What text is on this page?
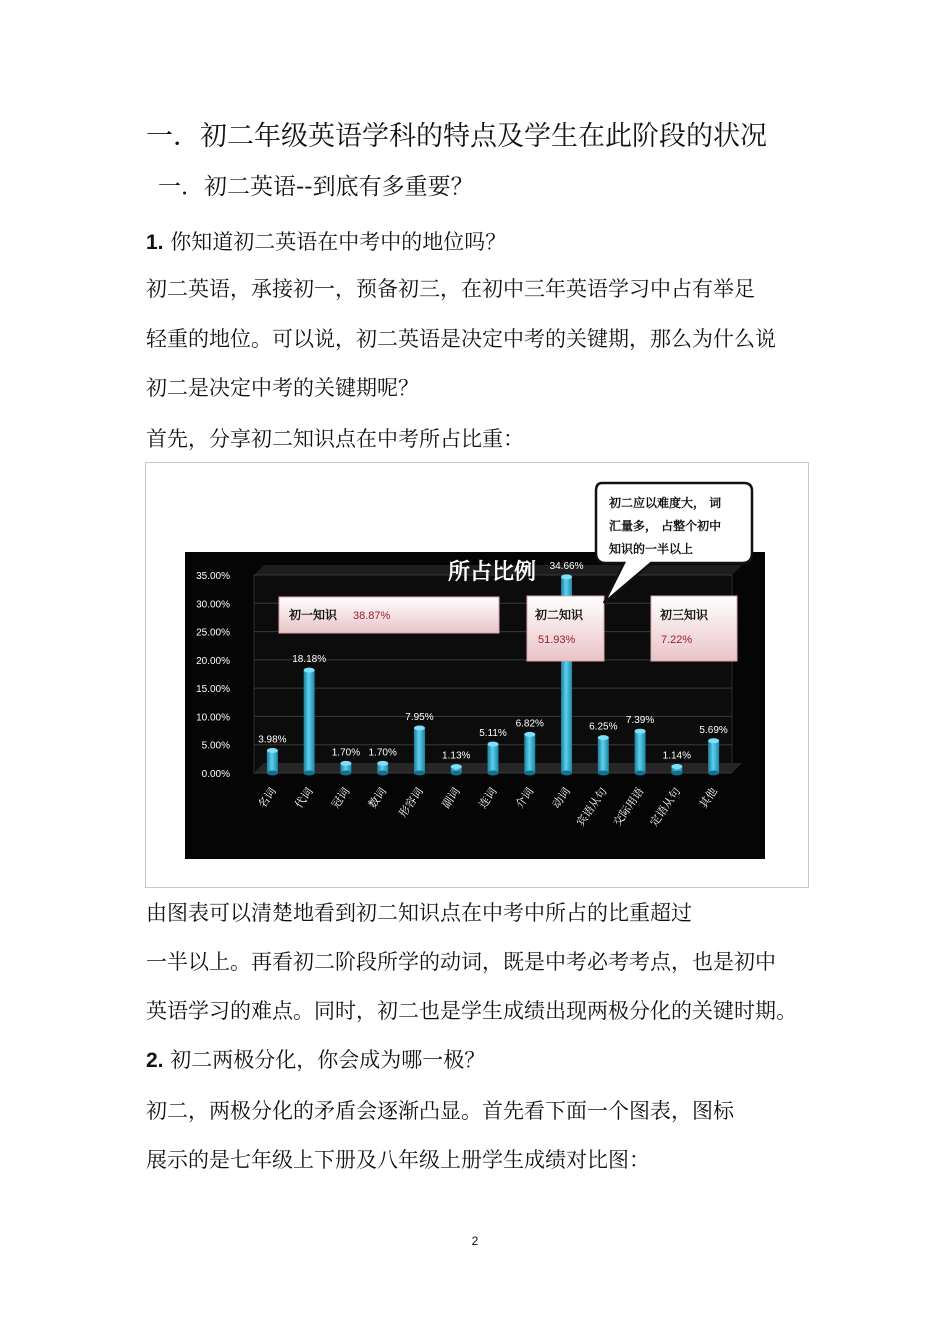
一．初二年级英语学科的特点及学生在此阶段的状况
一．初二英语--到底有多重要？
1. 你知道初二英语在中考中的地位吗？
初二英语，承接初一，预备初三，在初中三年英语学习中占有举足
轻重的地位。可以说，初二英语是决定中考的关键期，那么为什么说
初二是决定中考的关键期呢？
首先，分享初二知识点在中考所占比重：
0.00%
5.00%
10.00%
15.00%
20.00%
25.00%
30.00%
35.00%
3.98%
18.18%
1.70% 1.70%
7.95%
1.13%
5.11%
6.82%
34.66%
6.25%
7.39%
1.14%
5.69%
名词 代词 冠词 数词 形容词 副词 连词 介词 动词 宾语从句 交际用语 定语从句 其他
所占比例
初一知识 38.87%	初二知识
51.93%
初三知识
7.22%
初二应以难度大， 词
汇量多， 占整个初中
知识的一半以上
由图表可以清楚地看到初二知识点在中考中所占的比重超过
一半以上。再看初二阶段所学的动词，既是中考必考考点，也是初中
英语学习的难点。同时，初二也是学生成绩出现两极分化的关键时期。
2. 初二两极分化，你会成为哪一极？
初二，两极分化的矛盾会逐渐凸显。首先看下面一个图表，图标
展示的是七年级上下册及八年级上册学生成绩对比图：
2
